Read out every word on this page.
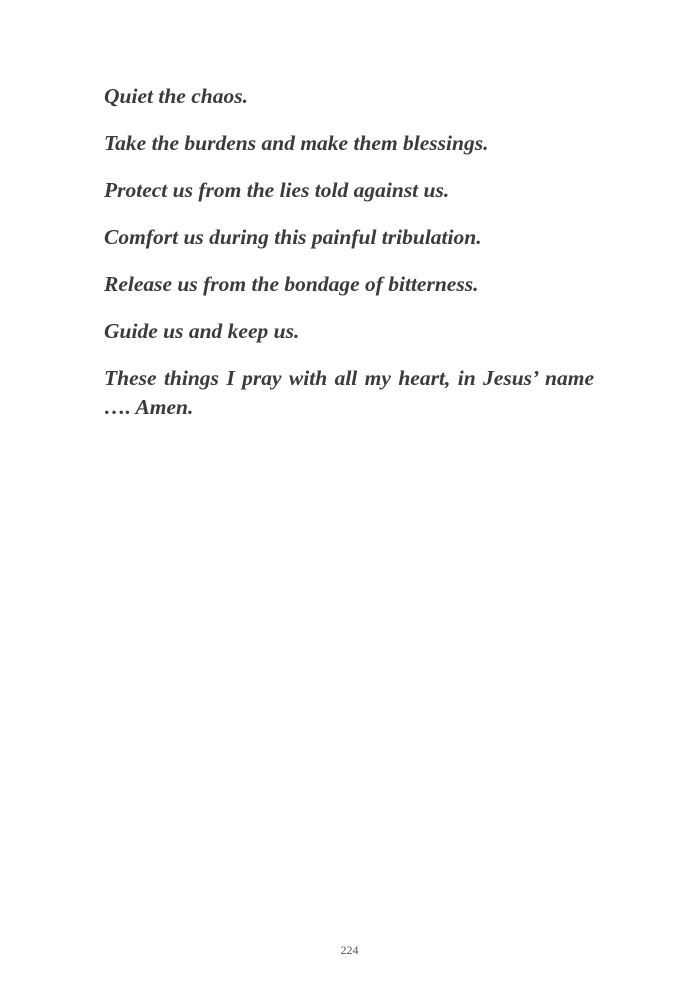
Quiet the chaos.

Take the burdens and make them blessings.

Protect us from the lies told against us.

Comfort us during this painful tribulation.

Release us from the bondage of bitterness.

Guide us and keep us.

These things I pray with all my heart, in Jesus’ name …. Amen.

224
